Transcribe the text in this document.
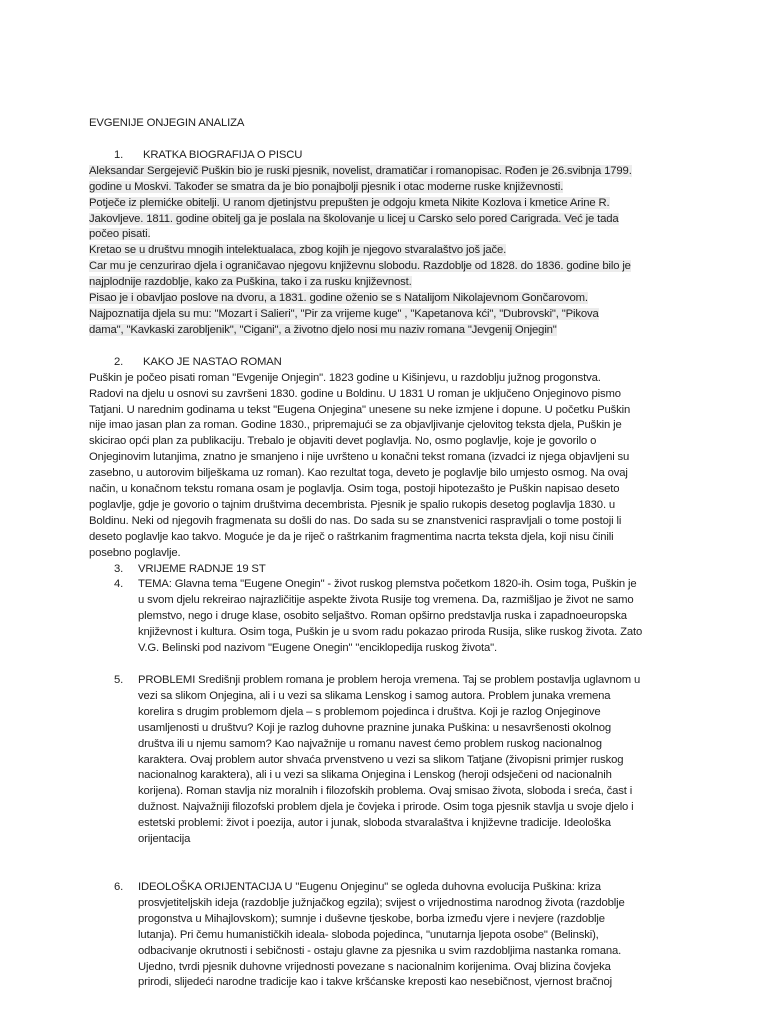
EVGENIJE ONJEGIN ANALIZA

1.	KRATKA BIOGRAFIJA O PISCU
Aleksandar Sergejevič Puškin bio je ruski pjesnik, novelist, dramatičar i romanopisac. Rođen je 26.svibnja 1799.
godine u Moskvi. Također se smatra da je bio ponajbolji pjesnik i otac moderne ruske književnosti.
Potječe iz plemićke obitelji. U ranom djetinjstvu prepušten je odgoju kmeta Nikite Kozlova i kmetice Arine R.
Jakovljeve. 1811. godine obitelj ga je poslala na školovanje u licej u Carsko selo pored Carigrada. Već je tada
počeo pisati.
Kretao se u društvu mnogih intelektualaca, zbog kojih je njegovo stvaralaštvo još jače.
Car mu je cenzurirao djela i ograničavao njegovu književnu slobodu. Razdoblje od 1828. do 1836. godine bilo je
najplodnije razdoblje, kako za Puškina, tako i za rusku književnost.
Pisao je i obavljao poslove na dvoru, a 1831. godine oženio se s Natalijom Nikolajevnom Gončarovom.
Najpoznatija djela su mu: "Mozart i Salieri", "Pir za vrijeme kuge" , "Kapetanova kći", "Dubrovski", "Pikova
dama", "Kavkaski zarobljenik", "Cigani", a životno djelo nosi mu naziv romana "Jevgenij Onjegin"
2.	KAKO JE NASTAO ROMAN
Puškin je počeo pisati roman "Evgenije Onjegin". 1823 godine u Kišinjevu, u razdoblju južnog progonstva.
Radovi na djelu u osnovi su završeni 1830. godine u Boldinu. U 1831 U roman je uključeno Onjeginovo pismo
Tatjani. U narednim godinama u tekst "Eugena Onjegina" unesene su neke izmjene i dopune. U početku Puškin
nije imao jasan plan za roman. Godine 1830., pripremajući se za objavljivanje cjelovitog teksta djela, Puškin je
skicirao opći plan za publikaciju. Trebalo je objaviti devet poglavlja. No, osmo poglavlje, koje je govorilo o
Onjeginovim lutanjima, znatno je smanjeno i nije uvršteno u konačni tekst romana (izvadci iz njega objavljeni su
zasebno, u autorovim bilješkama uz roman). Kao rezultat toga, deveto je poglavlje bilo umjesto osmog. Na ovaj
način, u konačnom tekstu romana osam je poglavlja. Osim toga, postoji hipotezašto je Puškin napisao deseto
poglavlje, gdje je govorio o tajnim društvima decembrista. Pjesnik je spalio rukopis desetog poglavlja 1830. u
Boldinu. Neki od njegovih fragmenata su došli do nas. Do sada su se znanstvenici raspravljali o tome postoji li
deseto poglavlje kao takvo. Moguće je da je riječ o raštrkanim fragmentima nacrta teksta djela, koji nisu činili
posebno poglavlje.
3.	VRIJEME RADNJE 19 ST
4.	TEMA: Glavna tema "Eugene Onegin" - život ruskog plemstva početkom 1820-ih. Osim toga, Puškin je
u svom djelu rekreirao najrazličitije aspekte života Rusije tog vremena. Da, razmišljao je život ne samo
plemstvo, nego i druge klase, osobito seljaštvo. Roman opširno predstavlja ruska i zapadnoeuropska
književnost i kultura. Osim toga, Puškin je u svom radu pokazao priroda Rusija, slike ruskog života. Zato
V.G. Belinski pod nazivom "Eugene Onegin" "enciklopedija ruskog života".
5.	PROBLEMI Središnji problem romana je problem heroja vremena. Taj se problem postavlja uglavnom u
vezi sa slikom Onjegina, ali i u vezi sa slikama Lenskog i samog autora. Problem junaka vremena
korelira s drugim problemom djela – s problemom pojedinca i društva. Koji je razlog Onjeginove
usamljenosti u društvu? Koji je razlog duhovne praznine junaka Puškina: u nesavršenosti okolnog
društva ili u njemu samom? Kao najvažnije u romanu navest ćemo problem ruskog nacionalnog
karaktera. Ovaj problem autor shvaća prvenstveno u vezi sa slikom Tatjane (živopisni primjer ruskog
nacionalnog karaktera), ali i u vezi sa slikama Onjegina i Lenskog (heroji odsječeni od nacionalnih
korijena). Roman stavlja niz moralnih i filozofskih problema. Ovaj smisao života, sloboda i sreća, čast i
dužnost. Najvažniji filozofski problem djela je čovjeka i prirode. Osim toga pjesnik stavlja u svoje djelo i
estetski problemi: život i poezija, autor i junak, sloboda stvaralaštva i književne tradicije. Ideološka
orijentacija
6.	IDEOLOŠKA ORIJENTACIJA U "Eugenu Onjeginu" se ogleda duhovna evolucija Puškina: kriza
prosvjetiteljskih ideja (razdoblje južnjačkog egzila); svijest o vrijednostima narodnog života (razdoblje
progonstva u Mihajlovskom); sumnje i duševne tjeskobe, borba između vjere i nevjere (razdoblje
lutanja). Pri čemu humanističkih ideala- sloboda pojedinca, "unutarnja ljepota osobe" (Belinski),
odbacivanje okrutnosti i sebičnosti - ostaju glavne za pjesnika u svim razdobljima nastanka romana.
Ujedno, tvrdi pjesnik duhovne vrijednosti povezane s nacionalnim korijenima. Ovaj blizina čovjeka
prirodi, slijedeći narodne tradicije kao i takve kršćanske kreposti kao nesebičnost, vjernost bračnoj
